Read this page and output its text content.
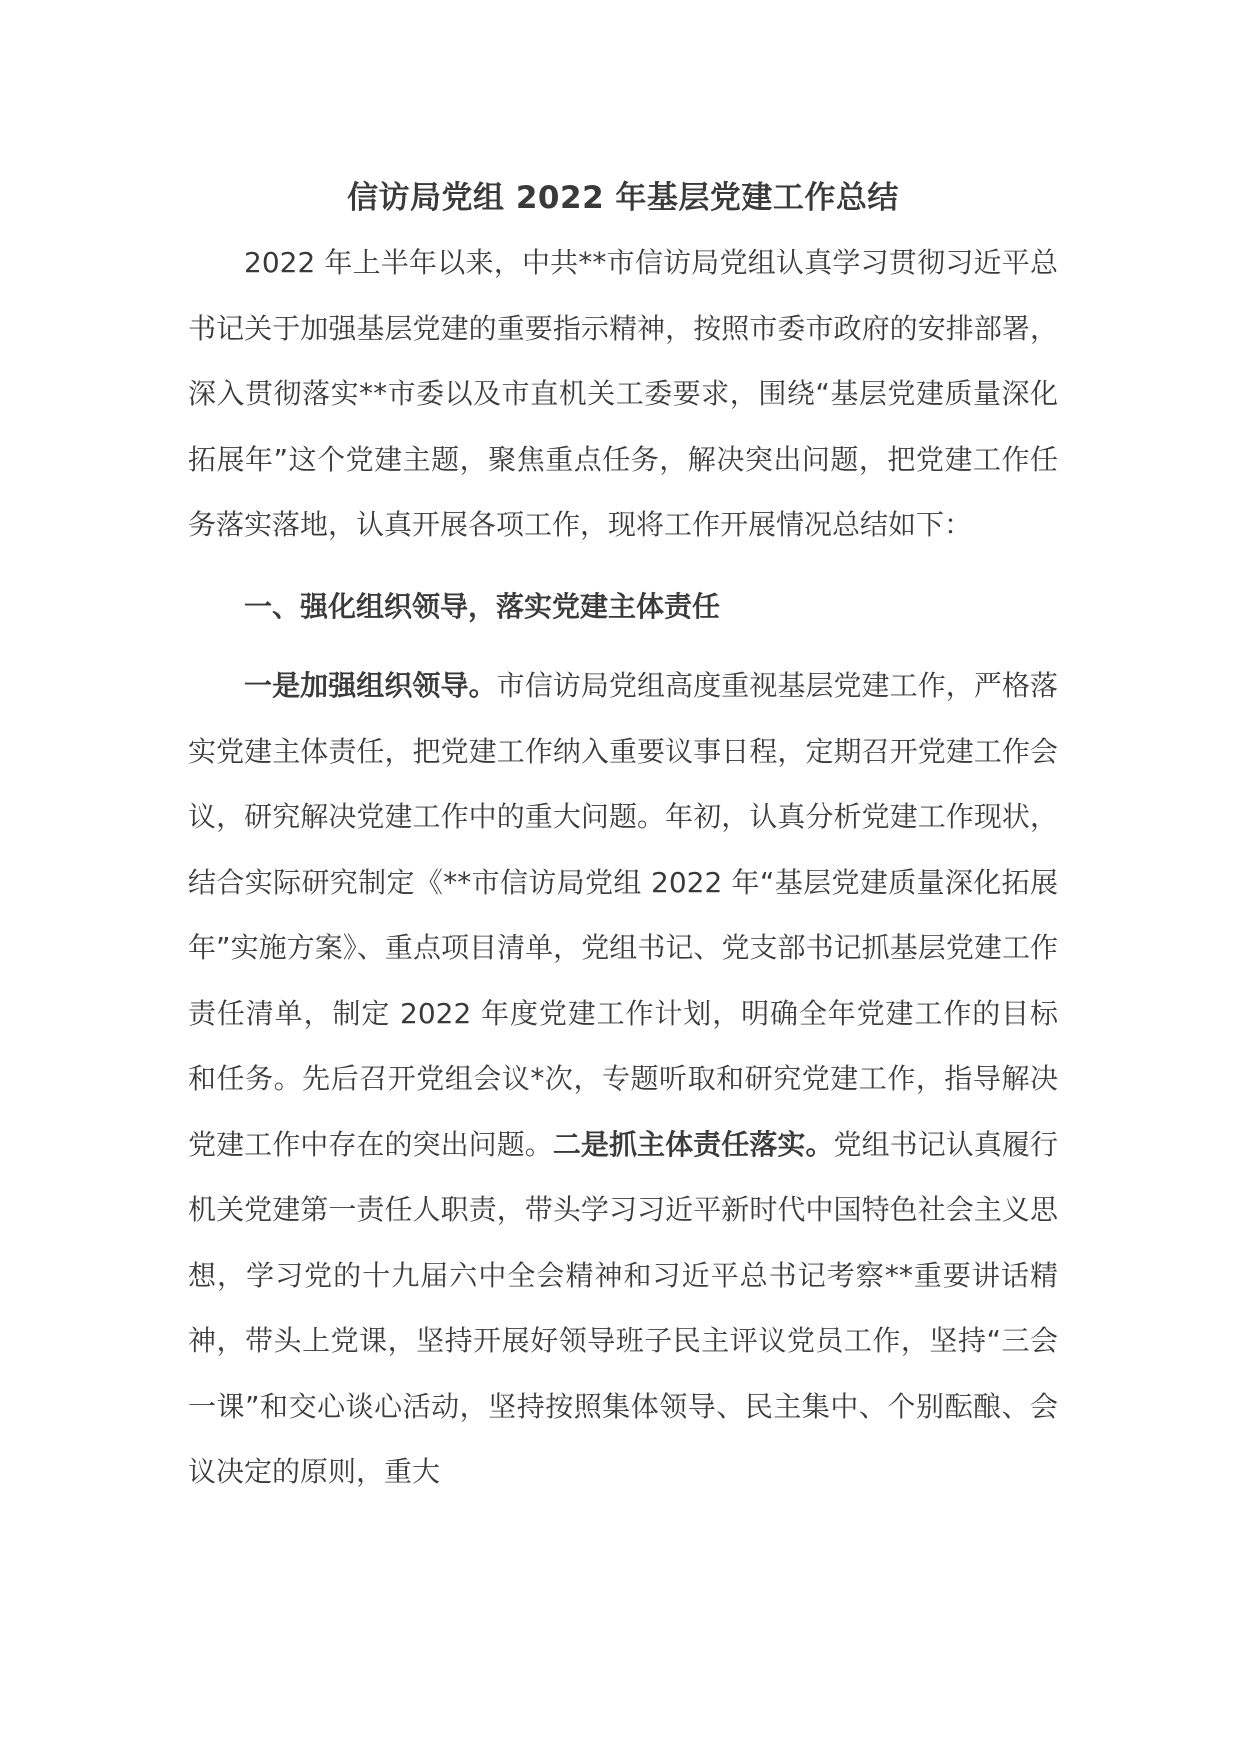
信访局党组 2022 年基层党建工作总结

2022 年上半年以来，中共**市信访局党组认真学习贯彻习近平总书记关于加强基层党建的重要指示精神，按照市委市政府的安排部署，深入贯彻落实**市委以及市直机关工委要求，围绕“基层党建质量深化拓展年”这个党建主题，聚焦重点任务，解决突出问题，把党建工作任务落实落地，认真开展各项工作，现将工作开展情况总结如下：

一、强化组织领导，落实党建主体责任

一是加强组织领导。市信访局党组高度重视基层党建工作，严格落实党建主体责任，把党建工作纳入重要议事日程，定期召开党建工作会议，研究解决党建工作中的重大问题。年初，认真分析党建工作现状，结合实际研究制定《**市信访局党组 2022 年“基层党建质量深化拓展年”实施方案》、重点项目清单，党组书记、党支部书记抓基层党建工作责任清单，制定 2022 年度党建工作计划，明确全年党建工作的目标和任务。先后召开党组会议*次，专题听取和研究党建工作，指导解决党建工作中存在的突出问题。二是抓主体责任落实。党组书记认真履行机关党建第一责任人职责，带头学习习近平新时代中国特色社会主义思想，学习党的十九届六中全会精神和习近平总书记考察**重要讲话精神，带头上党课，坚持开展好领导班子民主评议党员工作，坚持“三会一课”和交心谈心活动，坚持按照集体领导、民主集中、个别酝酿、会议决定的原则，重大
